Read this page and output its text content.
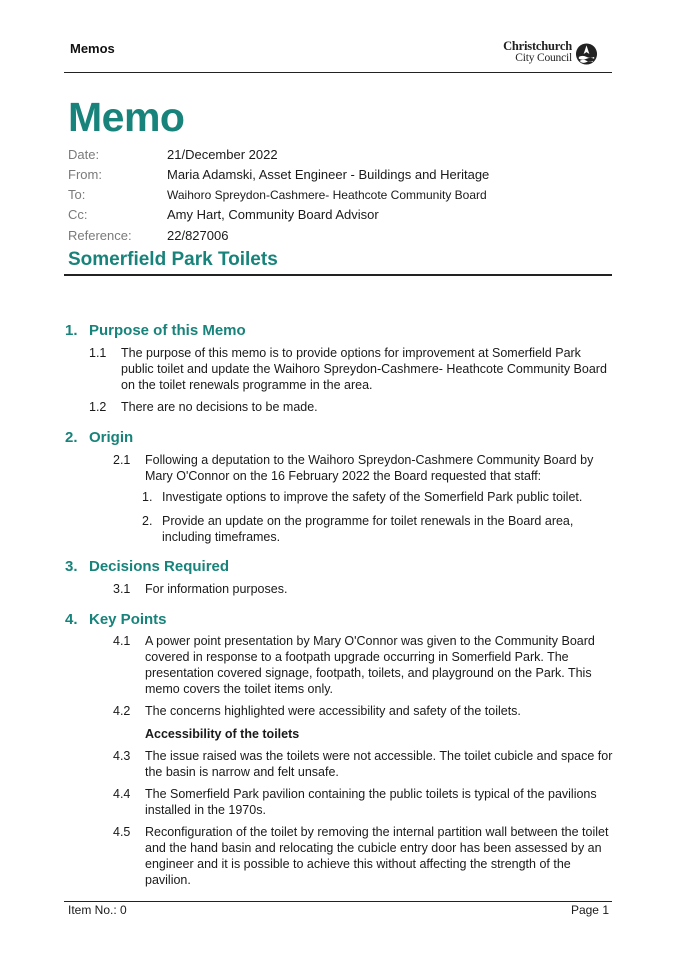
Memos	Christchurch
City Council
Memo
Date:	21/December 2022
From:	Maria Adamski, Asset Engineer - Buildings and Heritage
To:	Waihoro Spreydon-Cashmere- Heathcote Community Board
Cc:	Amy Hart, Community Board Advisor
Reference:	22/827006
Somerfield Park Toilets
1. Purpose of this Memo
1.1 The purpose of this memo is to provide options for improvement at Somerfield Park public toilet and update the Waihoro Spreydon-Cashmere- Heathcote Community Board on the toilet renewals programme in the area.
1.2 There are no decisions to be made.
2. Origin
2.1 Following a deputation to the Waihoro Spreydon-Cashmere Community Board by Mary O'Connor on the 16 February 2022 the Board requested that staff:
1. Investigate options to improve the safety of the Somerfield Park public toilet.
2. Provide an update on the programme for toilet renewals in the Board area, including timeframes.
3. Decisions Required
3.1 For information purposes.
4. Key Points
4.1 A power point presentation by Mary O'Connor was given to the Community Board covered in response to a footpath upgrade occurring in Somerfield Park. The presentation covered signage, footpath, toilets, and playground on the Park. This memo covers the toilet items only.
4.2 The concerns highlighted were accessibility and safety of the toilets.
Accessibility of the toilets
4.3 The issue raised was the toilets were not accessible. The toilet cubicle and space for the basin is narrow and felt unsafe.
4.4 The Somerfield Park pavilion containing the public toilets is typical of the pavilions installed in the 1970s.
4.5 Reconfiguration of the toilet by removing the internal partition wall between the toilet and the hand basin and relocating the cubicle entry door has been assessed by an engineer and it is possible to achieve this without affecting the strength of the pavilion.
Item No.: 0	Page 1
